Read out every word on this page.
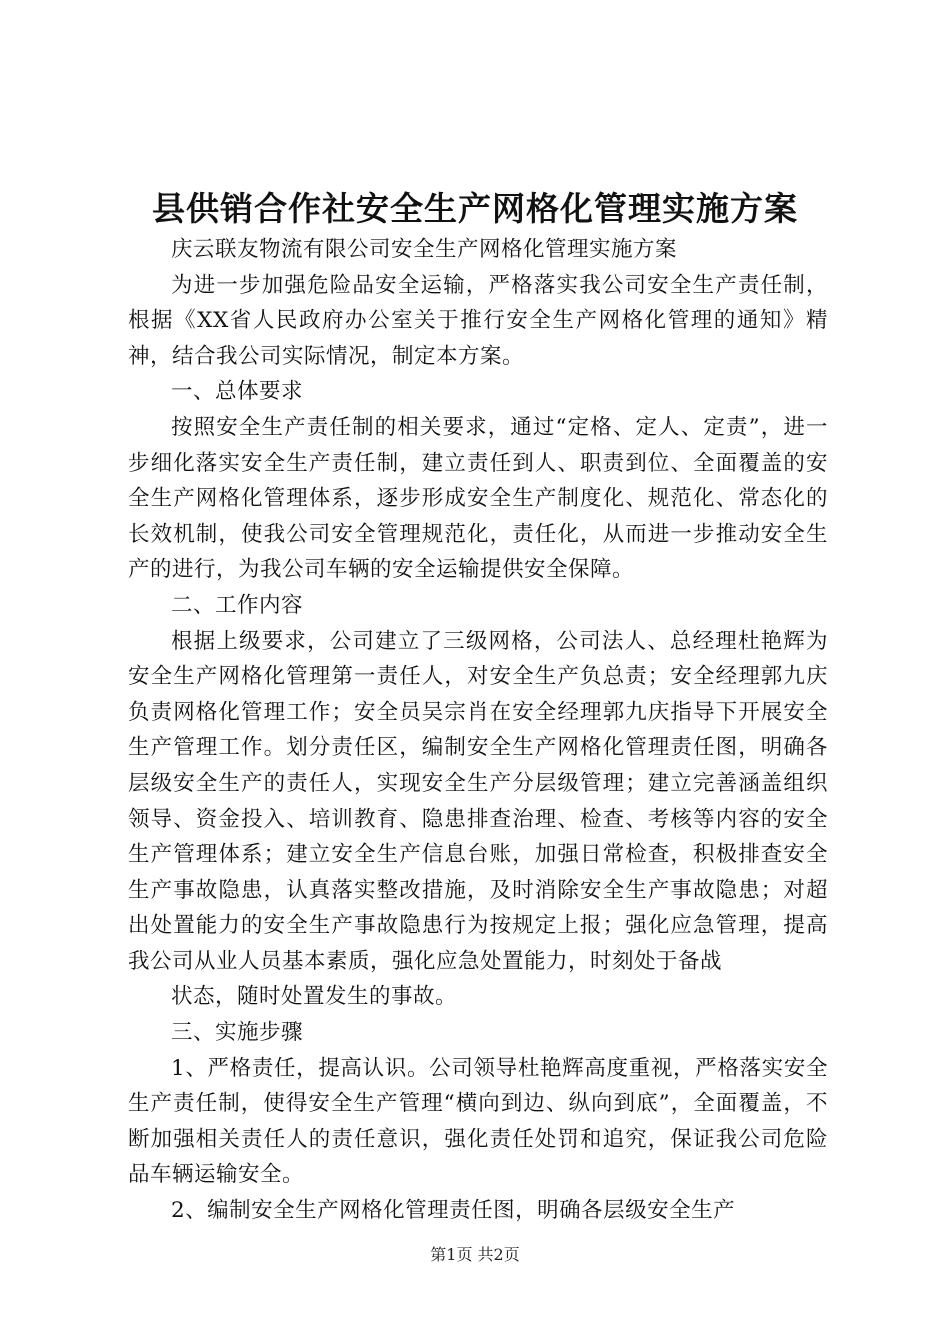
县供销合作社安全生产网格化管理实施方案

庆云联友物流有限公司安全生产网格化管理实施方案

为进一步加强危险品安全运输，严格落实我公司安全生产责任制，根据《XX省人民政府办公室关于推行安全生产网格化管理的通知》精神，结合我公司实际情况，制定本方案。

一、总体要求

按照安全生产责任制的相关要求，通过“定格、定人、定责”，进一步细化落实安全生产责任制，建立责任到人、职责到位、全面覆盖的安全生产网格化管理体系，逐步形成安全生产制度化、规范化、常态化的长效机制，使我公司安全管理规范化，责任化，从而进一步推动安全生产的进行，为我公司车辆的安全运输提供安全保障。

二、工作内容

根据上级要求，公司建立了三级网格，公司法人、总经理杜艳辉为安全生产网格化管理第一责任人，对安全生产负总责；安全经理郭九庆负责网格化管理工作；安全员吴宗肖在安全经理郭九庆指导下开展安全生产管理工作。划分责任区，编制安全生产网格化管理责任图，明确各层级安全生产的责任人，实现安全生产分层级管理；建立完善涵盖组织领导、资金投入、培训教育、隐患排查治理、检查、考核等内容的安全生产管理体系；建立安全生产信息台账，加强日常检查，积极排查安全生产事故隐患，认真落实整改措施，及时消除安全生产事故隐患；对超出处置能力的安全生产事故隐患行为按规定上报；强化应急管理，提高我公司从业人员基本素质，强化应急处置能力，时刻处于备战

状态，随时处置发生的事故。

三、实施步骤

1、严格责任，提高认识。公司领导杜艳辉高度重视，严格落实安全生产责任制，使得安全生产管理“横向到边、纵向到底”，全面覆盖，不断加强相关责任人的责任意识，强化责任处罚和追究，保证我公司危险品车辆运输安全。

2、编制安全生产网格化管理责任图，明确各层级安全生产

第1页 共2页
